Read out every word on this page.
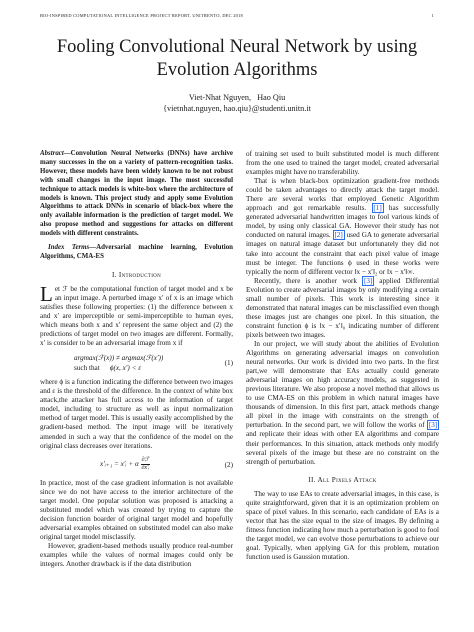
BIO-INSPIRED COMPUTATIONAL INTELLIGENCE PROJECT REPORT, UNITRENTO, DEC 2018	1
Fooling Convolutional Neural Network by using
Evolution Algorithms
Viet-Nhat Nguyen,   Hao Qiu
{vietnhat.nguyen, hao.qiu}@studenti.unitn.it

Abstract—Convolution Neural Networks (DNNs) have archive many successes in the on a variety of pattern-recognition tasks. However, these models have been widely known to be not robust with small changes in the input image. The most successful technique to attack models is white-box where the architecture of models is known. This project study and apply some Evolution Algorithms to attack DNNs in scenario of black-box where the only available information is the prediction of target model. We also propose method and suggestions for attacks on different models with different constraints.

Index Terms—Adversarial machine learning, Evolution Algorithms, CMA-ES

I. Introduction

Let ℱ be the computational function of target model and x be an input image. A perturbed image x′ of x is an image which satisfies these following properties: (1) the difference between x and x′ are imperceptible or semi-imperceptible to human eyes, which means both x and x′ represent the same object and (2) the predictions of target model on two images are different. Formally, x′ is consider to be an adversarial image from x if

argmax(ℱ(x)) ≠ argmax(ℱ(x′))
such that ϕ(x, x′) < ε
(1)

where ϕ is a function indicating the difference between two images and ε is the threshold of the difference. In the context of white box attack,the attacker has full access to the information of target model, including to structure as well as input normalization method of target model. This is usually easily accomplished by the gradient-based method. The input image will be iteratively amended in such a way that the confidence of the model on the original class decreases over iterations.

x′ᵢ₊₁ = x′ᵢ + α $\frac{\text{∂ℱ}}{\text{∂x′ᵢ}}$	(2)

In practice, most of the case gradient information is not available since we do not have access to the interior architecture of the target model. One popular solution was proposed is attacking a substituted model which was created by trying to capture the decision function boarder of original target model and hopefully adversarial examples obtained on substituted model can also make original target model misclassify.

However, gradient-based methods usually produce real-number examples while the values of normal images could only be integers. Another drawback is if the data distribution

of training set used to built substituted model is much different from the one used to trained the target model, created adversarial examples might have no transferability.

That is when black-box optimization gradient-free methods could be taken advantages to directly attack the target model. There are several works that employed Genetic Algorithm approach and got remarkable results. [1] has successfully generated adversarial handwritten images to fool various kinds of model, by using only classical GA. However their study has not conducted on natural images. [2] used GA to generate adversarial images on natural image dataset but unfortunately they did not take into account the constraint that each pixel value of image must be integer. The functions ϕ used in these works were typically the norm of different vector ‖x − x′‖₂ or ‖x − x′‖∞.

Recently, there is another work [3] applied Differential Evolution to create adversarial images by only modifying a certain small number of pixels. This work is interesting since it demonstrated that natural images can be misclassified even though these images just are changes one pixel. In this situation, the constraint function ϕ is ‖x − x′‖₀ indicating number of different pixels between two images.

In our project, we will study about the abilities of Evolution Algorithms on generating adversarial images on convolution neural networks. Our work is divided into two parts. In the first part,we will demonstrate that EAs actually could generate adversarial images on high accuracy models, as suggested in previous literature. We also propose a novel method that allows us to use CMA-ES on this problem in which natural images have thousands of dimension. In this first part, attack methods change all pixel in the image with constraints on the strength of perturbation. In the second part, we will follow the works of [3] and replicate their ideas with other EA algorithms and compare their performances. In this situation, attack methods only modify several pixels of the image but these are no constraint on the strength of perturbation.

II. All Pixels Attack

The way to use EAs to create adversarial images, in this case, is quite straightforward, given that it is an optimization problem on space of pixel values. In this scenario, each candidate of EAs is a vector that has the size equal to the size of images. By defining a fitness function indicating how much a perturbation is good to fool the target model, we can evolve those perturbations to achieve our goal. Typically, when applying GA for this problem, mutation function used is Gaussion mutation.
